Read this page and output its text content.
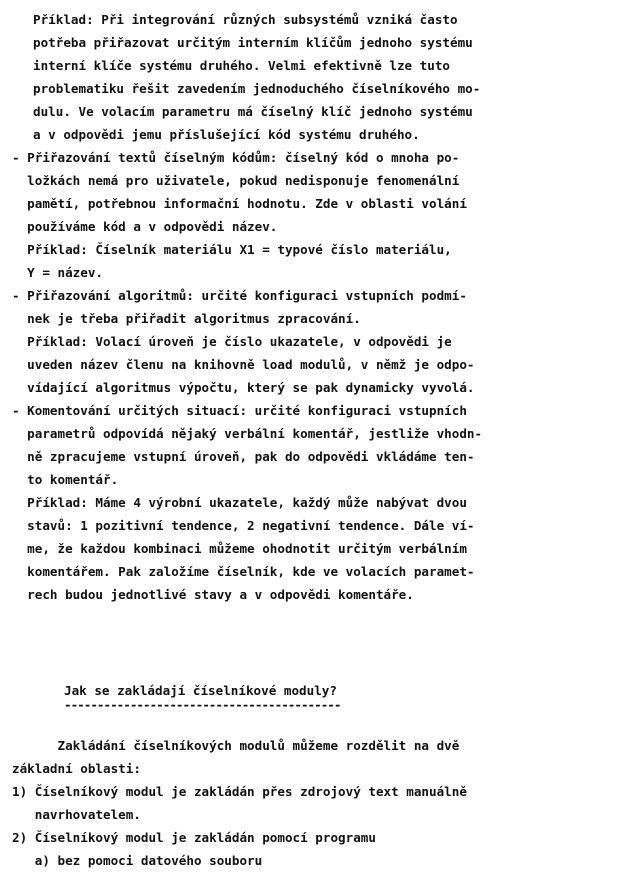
Příklad: Při integrování různých subsystémů vzniká často
potřeba přiřazovat určitým interním klíčům jednoho systému
interní klíče systému druhého. Velmi efektivně lze tuto
problematiku řešit zavedením jednoduchého číselníkového mo-
dulu. Ve volacím parametru má číselný klíč jednoho systému
a v odpovědi jemu příslušející kód systému druhého.
- Přiřazování textů číselným kódům: číselný kód o mnoha po-
ložkách nemá pro uživatele, pokud nedisponuje fenomenální
pamětí, potřebnou informační hodnotu. Zde v oblasti volání
používáme kód a v odpovědi název.
Příklad: Číselník materiálu X1 = typové číslo materiálu,
Y = název.
- Přiřazování algoritmů: určité konfiguraci vstupních podmí-
nek je třeba přiřadit algoritmus zpracování.
Příklad: Volací úroveň je číslo ukazatele, v odpovědi je
uveden název členu na knihovně load modulů, v němž je odpo-
vídající algoritmus výpočtu, který se pak dynamicky vyvolá.
- Komentování určitých situací: určité konfiguraci vstupních
parametrů odpovídá nějaký verbální komentář, jestliže vhodn-
ně zpracujeme vstupní úroveň, pak do odpovědi vkládáme ten-
to komentář.
Příklad: Máme 4 výrobní ukazatele, každý může nabývat dvou
stavů: 1 pozitivní tendence, 2 negativní tendence. Dále ví-
me, že každou kombinaci můžeme ohodnotit určitým verbálním
komentářem. Pak založíme číselník, kde ve volacích paramet-
rech budou jednotlivé stavy a v odpovědi komentáře.
Jak se zakládají číselníkové moduly?
------------------------------------------
Zakládání číselníkových modulů můžeme rozdělit na dvě
základní oblasti:
1) Číselníkový modul je zakládán přes zdrojový text manuálně
navrhovatelem.
2) Číselníkový modul je zakládán pomocí programu
a) bez pomoci datového souboru
